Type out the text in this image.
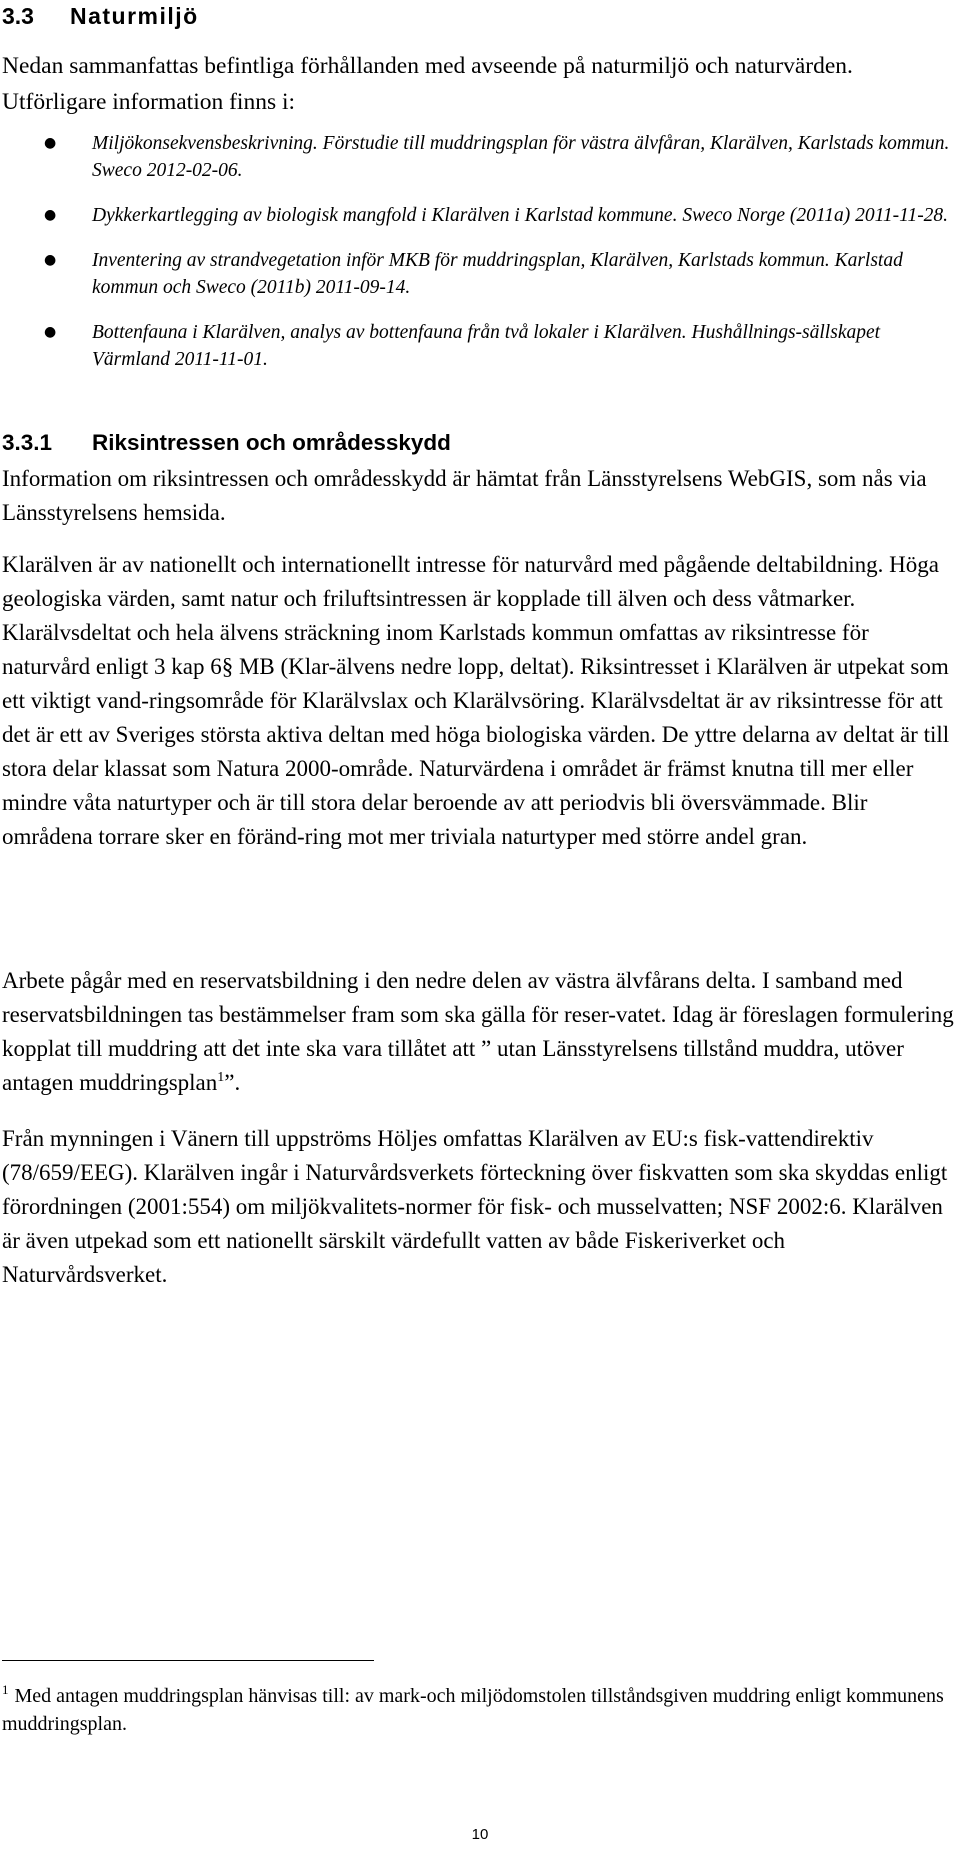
3.3 Naturmiljö

Nedan sammanfattas befintliga förhållanden med avseende på naturmiljö och naturvärden. Utförligare information finns i:

● Miljökonsekvensbeskrivning. Förstudie till muddringsplan för västra älvfåran, Klarälven, Karlstads kommun. Sweco 2012-02-06.
● Dykkerkartlegging av biologisk mangfold i Klarälven i Karlstad kommune. Sweco Norge (2011a) 2011-11-28.
● Inventering av strandvegetation inför MKB för muddringsplan, Klarälven, Karlstads kommun. Karlstad kommun och Sweco (2011b) 2011-09-14.
● Bottenfauna i Klarälven, analys av bottenfauna från två lokaler i Klarälven. Hushållnings-sällskapet Värmland 2011-11-01.
3.3.1 Riksintressen och områdesskydd

Information om riksintressen och områdesskydd är hämtat från Länsstyrelsens WebGIS, som nås via Länsstyrelsens hemsida.

Klarälven är av nationellt och internationellt intresse för naturvård med pågående deltabildning. Höga geologiska värden, samt natur och friluftsintressen är kopplade till älven och dess våtmarker. Klarälvsdeltat och hela älvens sträckning inom Karlstads kommun omfattas av riksintresse för naturvård enligt 3 kap 6§ MB (Klar-älvens nedre lopp, deltat). Riksintresset i Klarälven är utpekat som ett viktigt vand-ringsområde för Klarälvslax och Klarälvsöring. Klarälvsdeltat är av riksintresse för att det är ett av Sveriges största aktiva deltan med höga biologiska värden. De yttre delarna av deltat är till stora delar klassat som Natura 2000-område. Naturvärdena i området är främst knutna till mer eller mindre våta naturtyper och är till stora delar beroende av att periodvis bli översvämmade. Blir områdena torrare sker en föränd-ring mot mer triviala naturtyper med större andel gran.

Arbete pågår med en reservatsbildning i den nedre delen av västra älvfårans delta. I samband med reservatsbildningen tas bestämmelser fram som ska gälla för reser-vatet. Idag är föreslagen formulering kopplat till muddring att det inte ska vara tillåtet att ” utan Länsstyrelsens tillstånd muddra, utöver antagen muddringsplan$^1$”.

Från mynningen i Vänern till uppströms Höljes omfattas Klarälven av EU:s fisk-vattendirektiv (78/659/EEG). Klarälven ingår i Naturvårdsverkets förteckning över fiskvatten som ska skyddas enligt förordningen (2001:554) om miljökvalitets-normer för fisk- och musselvatten; NSF 2002:6. Klarälven är även utpekad som ett nationellt särskilt värdefullt vatten av både Fiskeriverket och Naturvårdsverket.

$^1$ Med antagen muddringsplan hänvisas till: av mark-och miljödomstolen tillståndsgiven muddring enligt kommunens muddringsplan.

10
